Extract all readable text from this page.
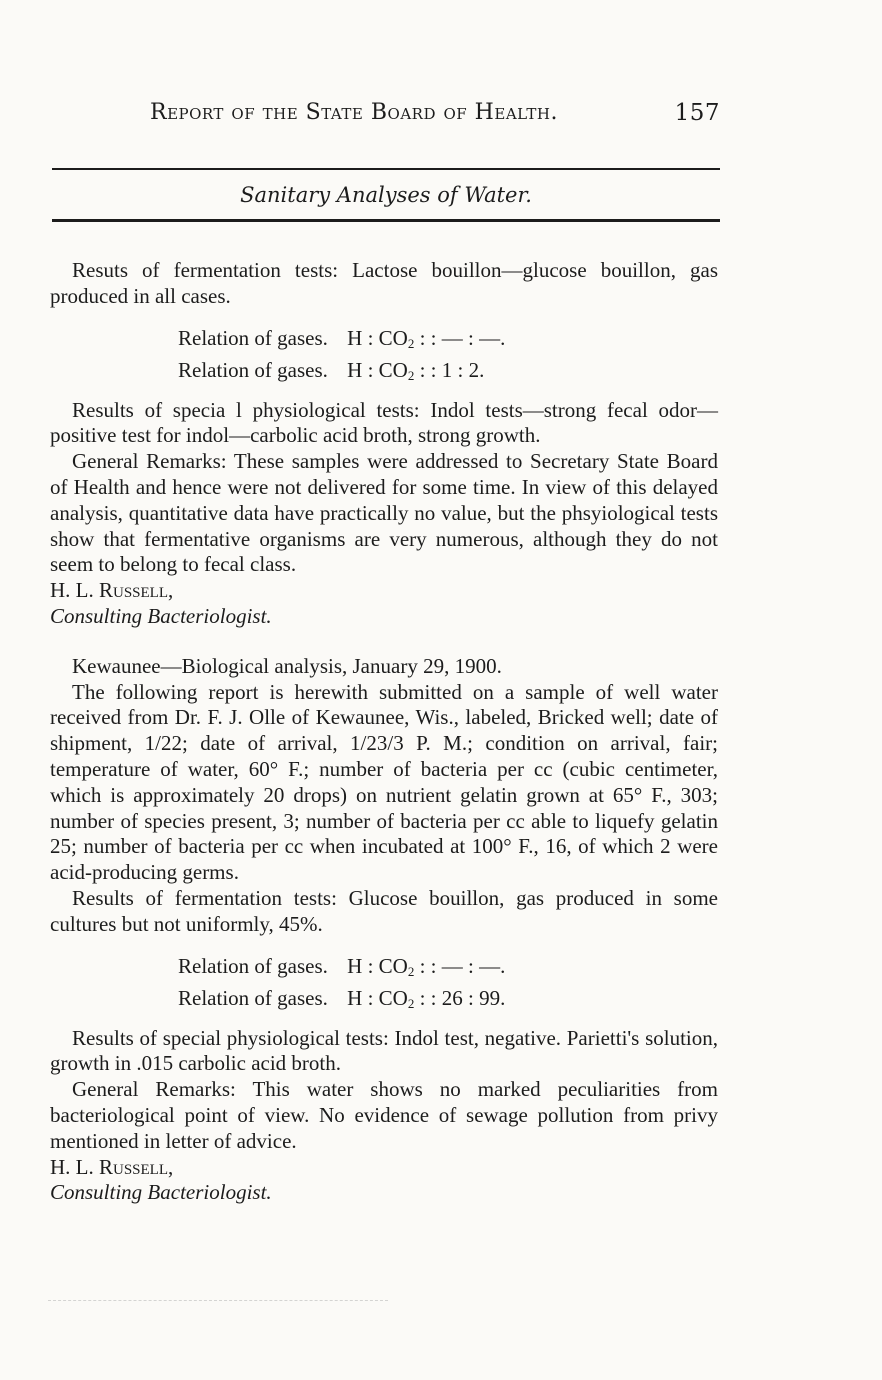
Report of the State Board of Health.	157
Sanitary Analyses of Water.

Resuts of fermentation tests: Lactose bouillon—glucose bouillon, gas produced in all cases.

Relation of gases. H : $CO_2$ : : — : —.

Relation of gases. H : $CO_2$ : : 1 : 2.

Results of specia l physiological tests: Indol tests—strong fecal odor—positive test for indol—carbolic acid broth, strong growth.

General Remarks: These samples were addressed to Secretary State Board of Health and hence were not delivered for some time. In view of this delayed analysis, quantitative data have practically no value, but the phsyiological tests show that fermentative organisms are very numerous, although they do not seem to belong to fecal class.

H. L. Russell,
Consulting Bacteriologist.

Kewaunee—Biological analysis, January 29, 1900.

The following report is herewith submitted on a sample of well water received from Dr. F. J. Olle of Kewaunee, Wis., labeled, Bricked well; date of shipment, 1/22; date of arrival, 1/23/3 P. M.; condition on arrival, fair; temperature of water, 60° F.; number of bacteria per cc (cubic centimeter, which is approximately 20 drops) on nutrient gelatin grown at 65° F., 303; number of species present, 3; number of bacteria per cc able to liquefy gelatin 25; number of bacteria per cc when incubated at 100° F., 16, of which 2 were acid-producing germs.

Results of fermentation tests: Glucose bouillon, gas produced in some cultures but not uniformly, 45%.

Relation of gases. H : $CO_2$ : : — : —.

Relation of gases. H : $CO_2$ : : 26 : 99.

Results of special physiological tests: Indol test, negative. Parietti's solution, growth in .015 carbolic acid broth.

General Remarks: This water shows no marked peculiarities from bacteriological point of view. No evidence of sewage pollution from privy mentioned in letter of advice.

H. L. Russell,
Consulting Bacteriologist.
